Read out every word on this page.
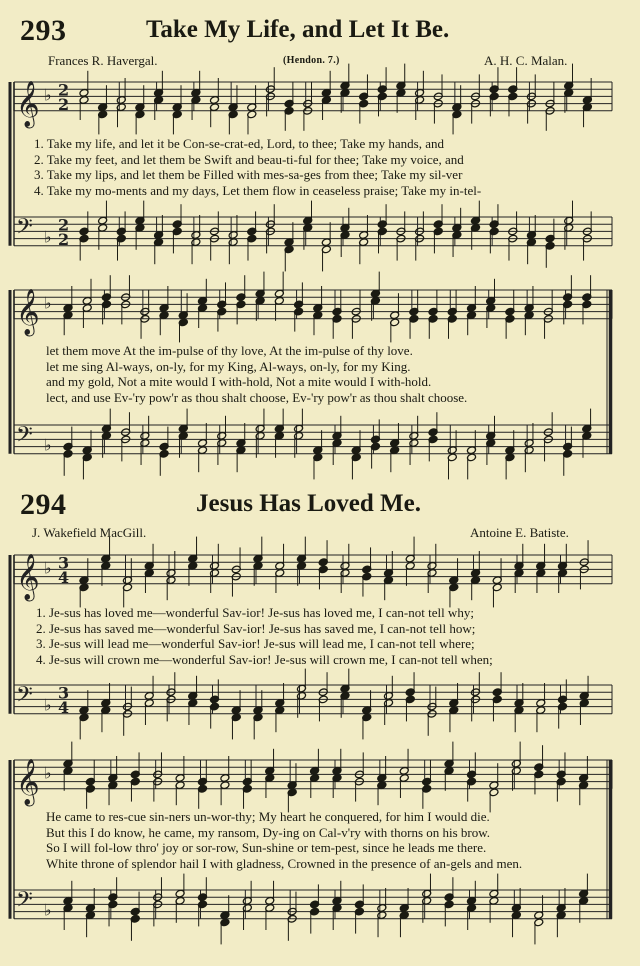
293	Take My Life, and Let It Be.
Frances R. Havergal.	(Hendon. 7.)	A. H. C. Malan.
𝄞 ♭ 2
2
1. Take my life, and let it be Con-se-crat-ed, Lord, to thee; Take my hands, and
2. Take my feet, and let them be Swift and beau-ti-ful for thee; Take my voice, and
3. Take my lips, and let them be Filled with mes-sa-ges from thee; Take my sil-ver
4. Take my mo-ments and my days, Let them flow in ceaseless praise; Take my in-tel-
𝄢 ♭
2
2
𝄞 ♭
let them move At the im-pulse of thy love, At the im-pulse of thy love.
let me sing Al-ways, on-ly, for my King, Al-ways, on-ly, for my King.
and my gold, Not a mite would I with-hold, Not a mite would I with-hold.
lect, and use Ev-'ry pow'r as thou shalt choose, Ev-'ry pow'r as thou shalt choose.
𝄢 ♭
294	Jesus Has Loved Me.
J. Wakefield MacGill.	Antoine E. Batiste.
𝄞 ♭ 3
4
1. Je-sus has loved me—wonderful Sav-ior! Je-sus has loved me, I can-not tell why;
2. Je-sus has saved me—wonderful Sav-ior! Je-sus has saved me, I can-not tell how;
3. Je-sus will lead me—wonderful Sav-ior! Je-sus will lead me, I can-not tell where;
4. Je-sus will crown me—wonderful Sav-ior! Je-sus will crown me, I can-not tell when;
𝄢 ♭
3
4
𝄞 ♭
He came to res-cue sin-ners un-wor-thy; My heart he conquered, for him I would die.
But this I do know, he came, my ransom, Dy-ing on Cal-v'ry with thorns on his brow.
So I will fol-low thro' joy or sor-row, Sun-shine or tem-pest, since he leads me there.
White throne of splendor hail I with gladness, Crowned in the presence of an-gels and men.
𝄢 ♭
